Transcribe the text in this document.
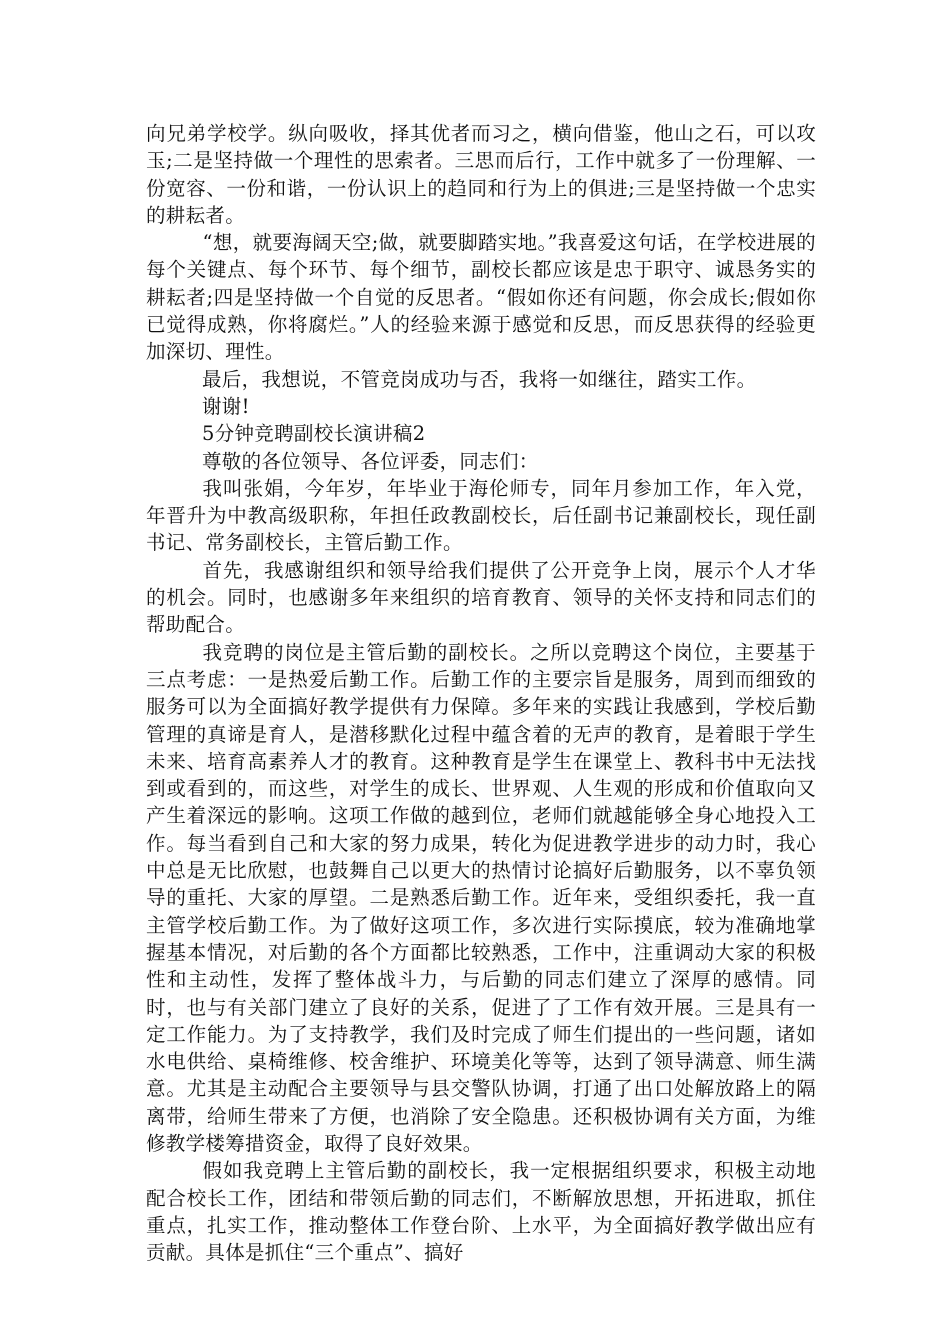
向兄弟学校学。纵向吸收，择其优者而习之，横向借鉴，他山之石，可以攻玉;二是坚持做一个理性的思索者。三思而后行，工作中就多了一份理解、一份宽容、一份和谐，一份认识上的趋同和行为上的俱进;三是坚持做一个忠实的耕耘者。

“想，就要海阔天空;做，就要脚踏实地。”我喜爱这句话，在学校进展的每个关键点、每个环节、每个细节，副校长都应该是忠于职守、诚恳务实的耕耘者;四是坚持做一个自觉的反思者。“假如你还有问题，你会成长;假如你已觉得成熟，你将腐烂。”人的经验来源于感觉和反思，而反思获得的经验更加深切、理性。

最后，我想说，不管竞岗成功与否，我将一如继往，踏实工作。

谢谢!

5分钟竞聘副校长演讲稿2

尊敬的各位领导、各位评委，同志们：

我叫张娟，今年岁，年毕业于海伦师专，同年月参加工作，年入党，年晋升为中教高级职称，年担任政教副校长，后任副书记兼副校长，现任副书记、常务副校长，主管后勤工作。

首先，我感谢组织和领导给我们提供了公开竞争上岗，展示个人才华的机会。同时，也感谢多年来组织的培育教育、领导的关怀支持和同志们的帮助配合。

我竞聘的岗位是主管后勤的副校长。之所以竞聘这个岗位，主要基于三点考虑：一是热爱后勤工作。后勤工作的主要宗旨是服务，周到而细致的服务可以为全面搞好教学提供有力保障。多年来的实践让我感到，学校后勤管理的真谛是育人，是潜移默化过程中蕴含着的无声的教育，是着眼于学生未来、培育高素养人才的教育。这种教育是学生在课堂上、教科书中无法找到或看到的，而这些，对学生的成长、世界观、人生观的形成和价值取向又产生着深远的影响。这项工作做的越到位，老师们就越能够全身心地投入工作。每当看到自己和大家的努力成果，转化为促进教学进步的动力时，我心中总是无比欣慰，也鼓舞自己以更大的热情讨论搞好后勤服务，以不辜负领导的重托、大家的厚望。二是熟悉后勤工作。近年来，受组织委托，我一直主管学校后勤工作。为了做好这项工作，多次进行实际摸底，较为准确地掌握基本情况，对后勤的各个方面都比较熟悉，工作中，注重调动大家的积极性和主动性，发挥了整体战斗力，与后勤的同志们建立了深厚的感情。同时，也与有关部门建立了良好的关系，促进了了工作有效开展。三是具有一定工作能力。为了支持教学，我们及时完成了师生们提出的一些问题，诸如水电供给、桌椅维修、校舍维护、环境美化等等，达到了领导满意、师生满意。尤其是主动配合主要领导与县交警队协调，打通了出口处解放路上的隔离带，给师生带来了方便，也消除了安全隐患。还积极协调有关方面，为维修教学楼筹措资金，取得了良好效果。

假如我竞聘上主管后勤的副校长，我一定根据组织要求，积极主动地配合校长工作，团结和带领后勤的同志们，不断解放思想，开拓进取，抓住重点，扎实工作，推动整体工作登台阶、上水平，为全面搞好教学做出应有贡献。具体是抓住“三个重点”、搞好
